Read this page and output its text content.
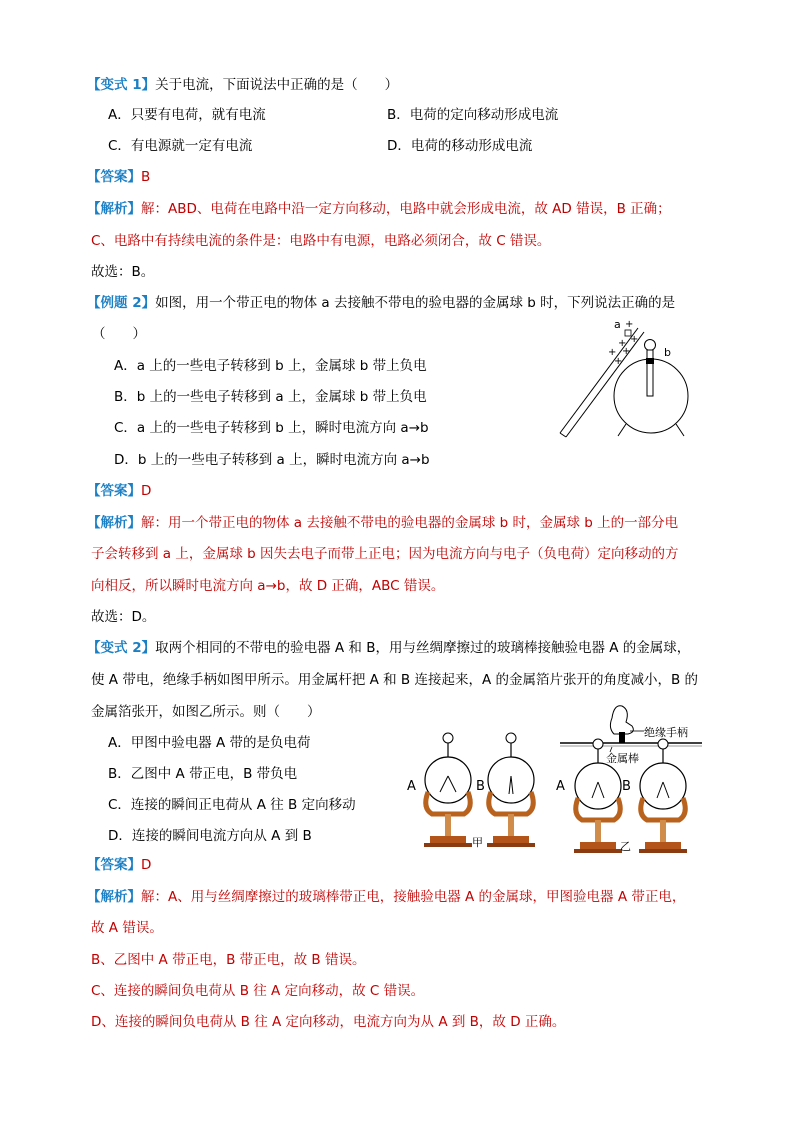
【变式 1】关于电流，下面说法中正确的是（　　）
A．只要有电荷，就有电流	B．电荷的定向移动形成电流
C．有电源就一定有电流	D．电荷的移动形成电流
【答案】B
【解析】解：ABD、电荷在电路中沿一定方向移动，电路中就会形成电流，故 AD 错误，B 正确；
C、电路中有持续电流的条件是：电路中有电源，电路必须闭合，故 C 错误。
故选：B。
【例题 2】如图，用一个带正电的物体 a 去接触不带电的验电器的金属球 b 时，下列说法正确的是
（　　）
A．a 上的一些电子转移到 b 上，金属球 b 带上负电
B．b 上的一些电子转移到 a 上，金属球 b 带上负电
C．a 上的一些电子转移到 b 上，瞬时电流方向 a→b
D．b 上的一些电子转移到 a 上，瞬时电流方向 a→b
a +
+ +
+ +
+
b
【答案】D
【解析】解：用一个带正电的物体 a 去接触不带电的验电器的金属球 b 时，金属球 b 上的一部分电
子会转移到 a 上，金属球 b 因失去电子而带上正电；因为电流方向与电子（负电荷）定向移动的方
向相反，所以瞬时电流方向 a→b，故 D 正确，ABC 错误。
故选：D。
【变式 2】取两个相同的不带电的验电器 A 和 B，用与丝绸摩擦过的玻璃棒接触验电器 A 的金属球，
使 A 带电，绝缘手柄如图甲所示。用金属杆把 A 和 B 连接起来，A 的金属箔片张开的角度减小，B 的
金属箔张开，如图乙所示。则（　　）
A．甲图中验电器 A 带的是负电荷
B．乙图中 A 带正电，B 带负电
C．连接的瞬间正电荷从 A 往 B 定向移动
D．连接的瞬间电流方向从 A 到 B
绝缘手柄
金属棒
A	B	A	B
甲	乙
【答案】D
【解析】解：A、用与丝绸摩擦过的玻璃棒带正电，接触验电器 A 的金属球，甲图验电器 A 带正电，
故 A 错误。
B、乙图中 A 带正电，B 带正电，故 B 错误。
C、连接的瞬间负电荷从 B 往 A 定向移动，故 C 错误。
D、连接的瞬间负电荷从 B 往 A 定向移动，电流方向为从 A 到 B，故 D 正确。
